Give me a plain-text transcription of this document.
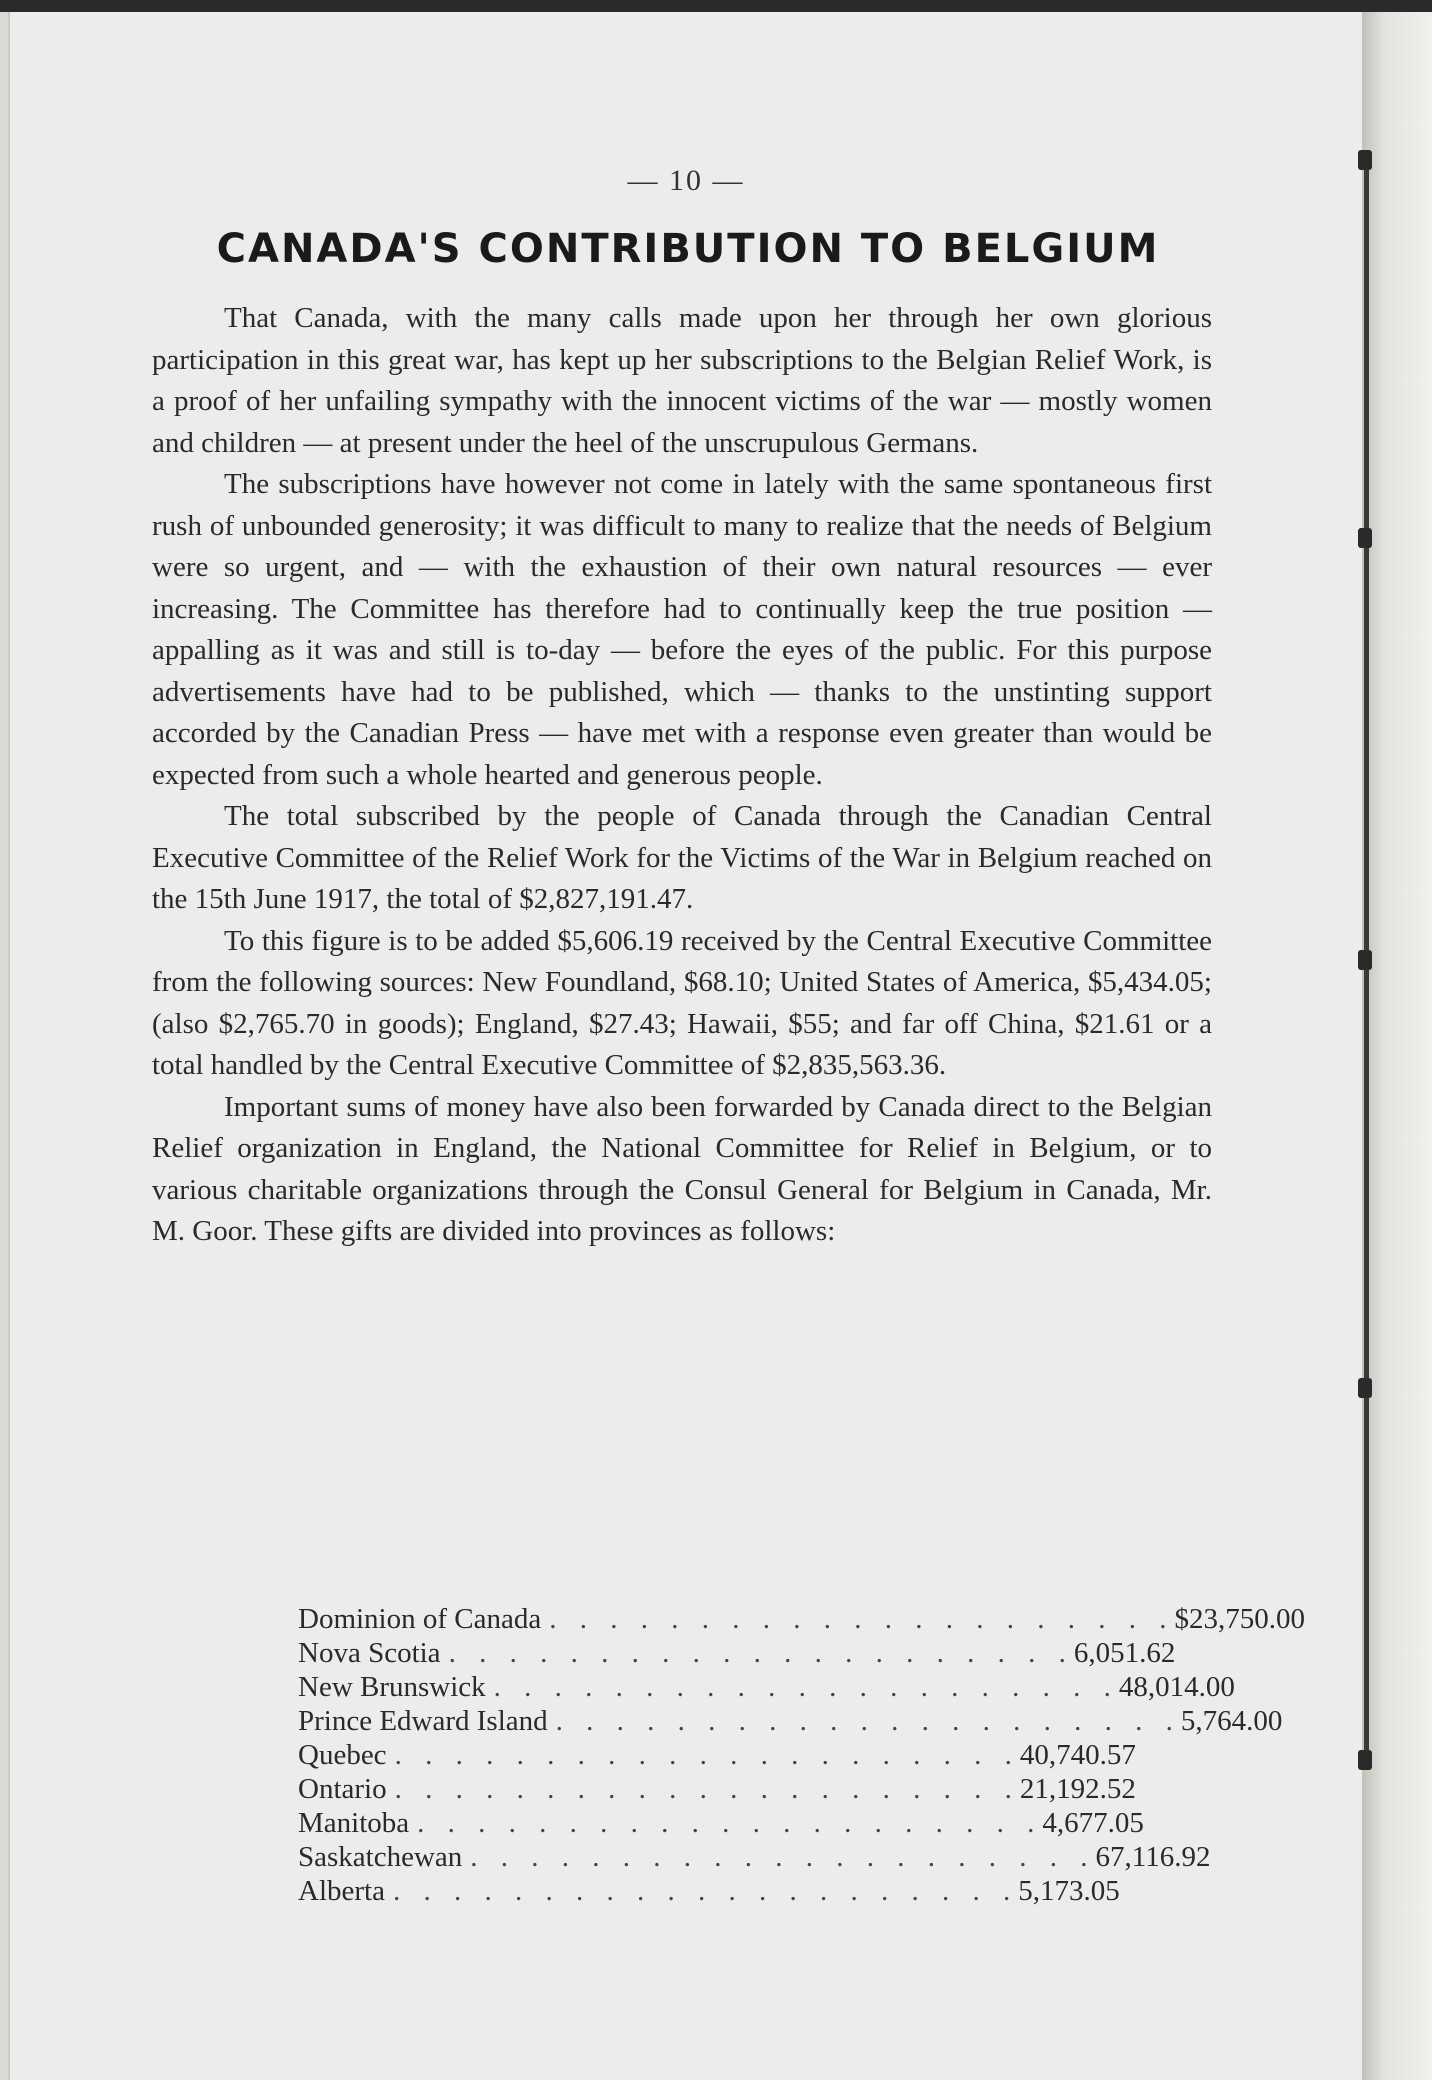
— 10 —
CANADA'S CONTRIBUTION TO BELGIUM

That Canada, with the many calls made upon her through her own glorious participation in this great war, has kept up her subscriptions to the Belgian Relief Work, is a proof of her unfailing sympathy with the innocent victims of the war — mostly women and children — at present under the heel of the unscrupulous Germans.

The subscriptions have however not come in lately with the same spontaneous first rush of unbounded generosity; it was difficult to many to realize that the needs of Belgium were so urgent, and — with the exhaustion of their own natural resources — ever increasing. The Committee has therefore had to continually keep the true position — appalling as it was and still is to-day — before the eyes of the public. For this purpose advertisements have had to be published, which — thanks to the unstinting support accorded by the Canadian Press — have met with a response even greater than would be expected from such a whole hearted and generous people.

The total subscribed by the people of Canada through the Canadian Central Executive Committee of the Relief Work for the Victims of the War in Belgium reached on the 15th June 1917, the total of $2,827,191.47.

To this figure is to be added $5,606.19 received by the Central Executive Committee from the following sources: New Foundland, $68.10; United States of America, $5,434.05; (also $2,765.70 in goods); England, $27.43; Hawaii, $55; and far off China, $21.61 or a total handled by the Central Executive Committee of $2,835,563.36.

Important sums of money have also been forwarded by Canada direct to the Belgian Relief organization in England, the National Committee for Relief in Belgium, or to various charitable organizations through the Consul General for Belgium in Canada, Mr. M. Goor. These gifts are divided into provinces as follows:

Dominion of Canada . . . . . . . . . . . . . . . . . . . . . $23,750.00
Nova Scotia . . . . . . . . . . . . . . . . . . . . . 6,051.62
New Brunswick . . . . . . . . . . . . . . . . . . . . . 48,014.00
Prince Edward Island . . . . . . . . . . . . . . . . . . . . . 5,764.00
Quebec . . . . . . . . . . . . . . . . . . . . . 40,740.57
Ontario . . . . . . . . . . . . . . . . . . . . . 21,192.52
Manitoba . . . . . . . . . . . . . . . . . . . . . 4,677.05
Saskatchewan . . . . . . . . . . . . . . . . . . . . . 67,116.92
Alberta . . . . . . . . . . . . . . . . . . . . . 5,173.05
